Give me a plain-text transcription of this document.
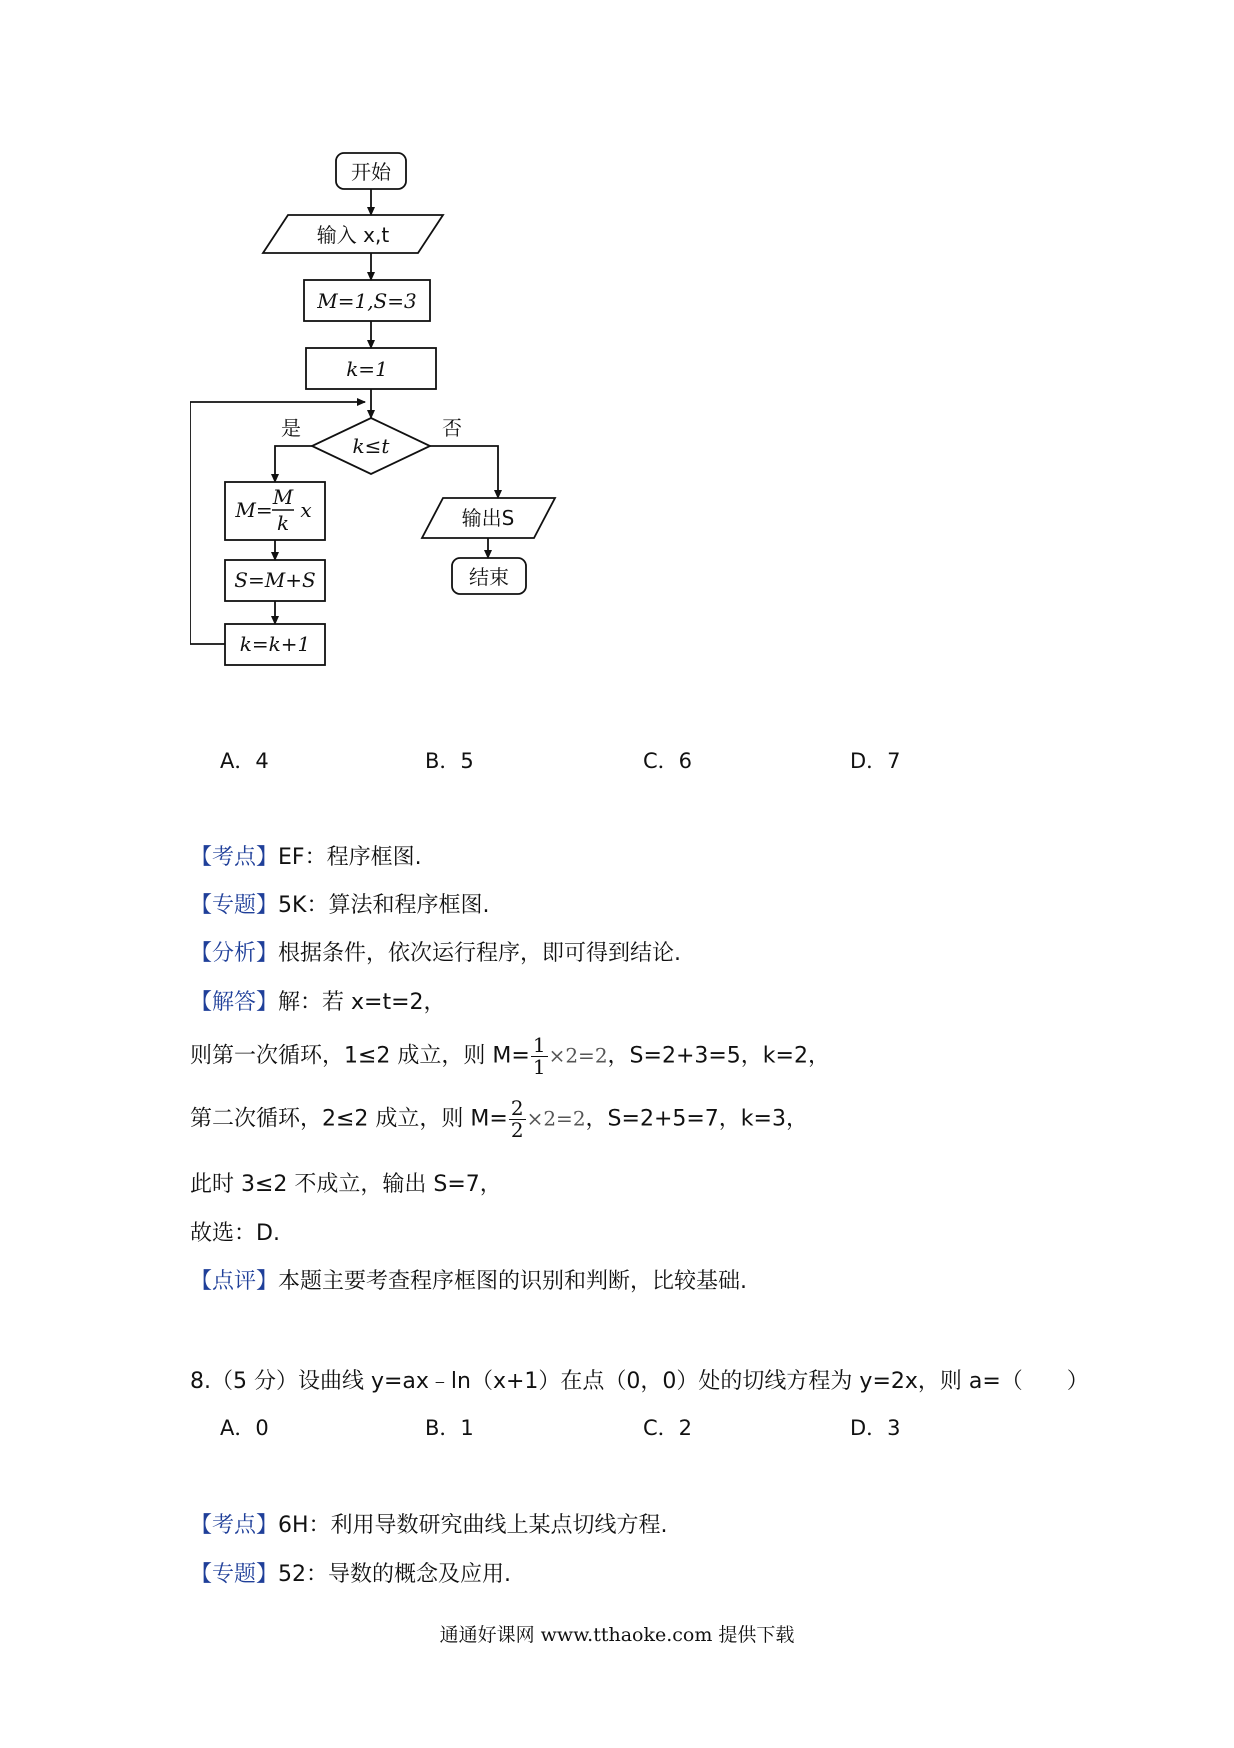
开始
输入 x,t
M=1,S=3
k=1
k≤t
是	否
M=
M
k
x
S=M+S
k=k+1
输出S
结束
A．4	B．5	C．6	D．7
【考点】EF：程序框图.
【专题】5K：算法和程序框图.
【分析】根据条件，依次运行程序，即可得到结论.
【解答】解：若 x=t=2，
则第一次循环，1≤2 成立，则 $M= \frac{1}{1} \times 2=2$，S=2+3=5，k=2，
第二次循环，2≤2 成立，则 $M= \frac{2}{2} \times 2=2$，S=2+5=7，k=3，
此时 3≤2 不成立，输出 S=7，
故选：D.
【点评】本题主要考查程序框图的识别和判断，比较基础.
8.（5 分）设曲线 y=ax﹣ln（x+1）在点（0，0）处的切线方程为 y=2x，则 a=（　　）
A．0	B．1	C．2	D．3
【考点】6H：利用导数研究曲线上某点切线方程.
【专题】52：导数的概念及应用.
通通好课网 www.tthaoke.com 提供下载
